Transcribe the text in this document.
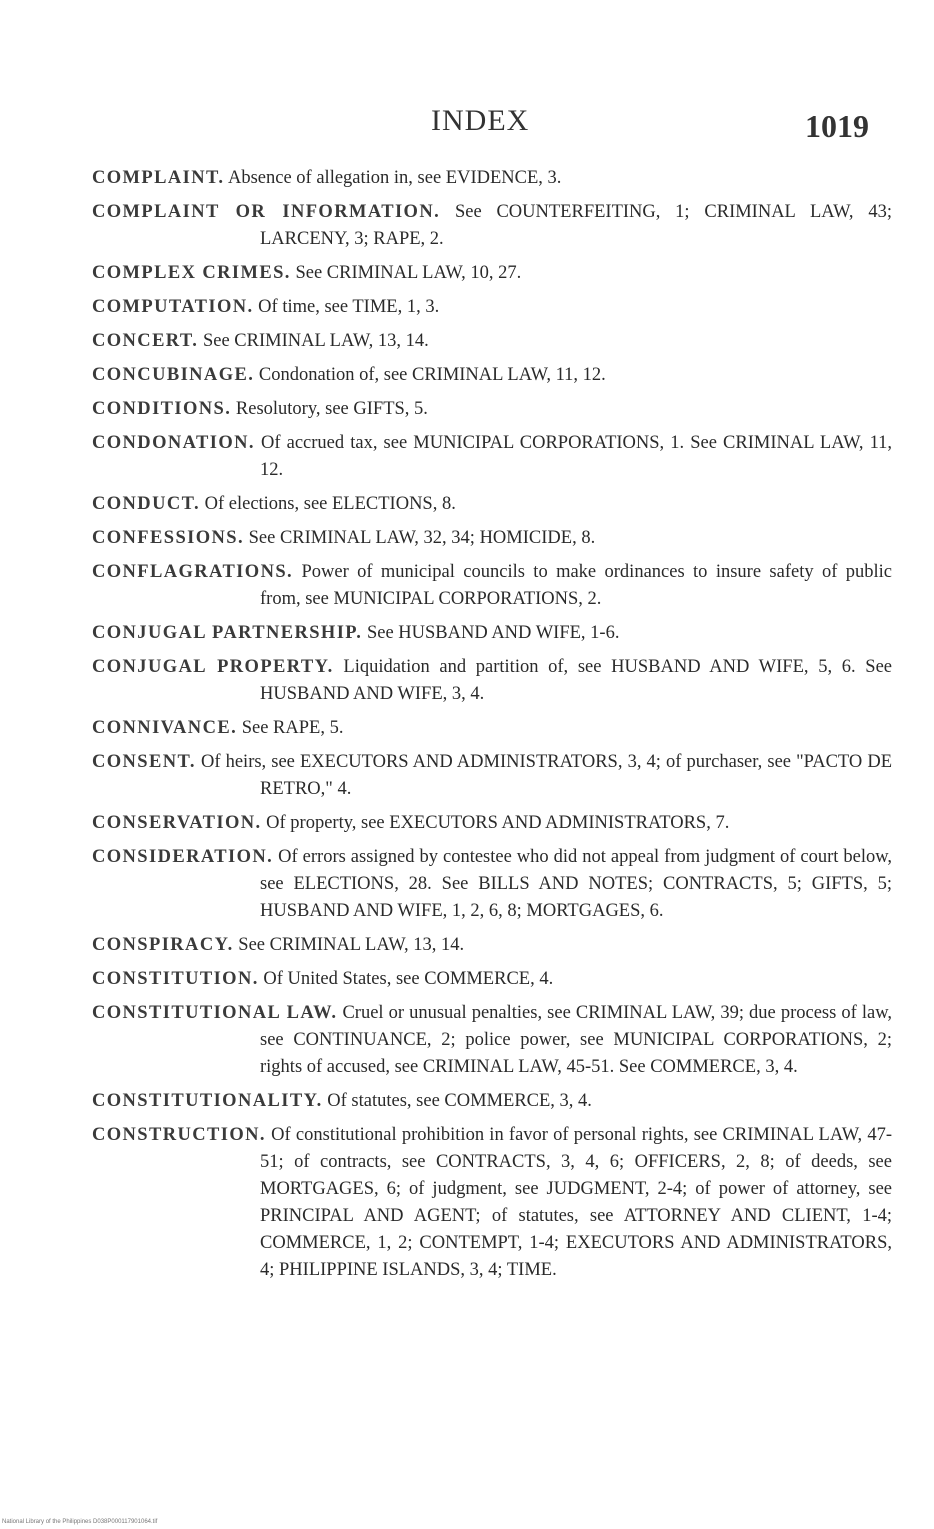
INDEX	1019
COMPLAINT. Absence of allegation in, see EVIDENCE, 3.
COMPLAINT OR INFORMATION. See COUNTERFEITING, 1; CRIMINAL LAW, 43; LARCENY, 3; RAPE, 2.
COMPLEX CRIMES. See CRIMINAL LAW, 10, 27.
COMPUTATION. Of time, see TIME, 1, 3.
CONCERT. See CRIMINAL LAW, 13, 14.
CONCUBINAGE. Condonation of, see CRIMINAL LAW, 11, 12.
CONDITIONS. Resolutory, see GIFTS, 5.
CONDONATION. Of accrued tax, see MUNICIPAL CORPORATIONS, 1. See CRIMINAL LAW, 11, 12.
CONDUCT. Of elections, see ELECTIONS, 8.
CONFESSIONS. See CRIMINAL LAW, 32, 34; HOMICIDE, 8.
CONFLAGRATIONS. Power of municipal councils to make ordinances to insure safety of public from, see MUNICIPAL CORPORATIONS, 2.
CONJUGAL PARTNERSHIP. See HUSBAND AND WIFE, 1-6.
CONJUGAL PROPERTY. Liquidation and partition of, see HUSBAND AND WIFE, 5, 6. See HUSBAND AND WIFE, 3, 4.
CONNIVANCE. See RAPE, 5.
CONSENT. Of heirs, see EXECUTORS AND ADMINISTRATORS, 3, 4; of purchaser, see "PACTO DE RETRO," 4.
CONSERVATION. Of property, see EXECUTORS AND ADMINISTRATORS, 7.
CONSIDERATION. Of errors assigned by contestee who did not appeal from judgment of court below, see ELECTIONS, 28. See BILLS AND NOTES; CONTRACTS, 5; GIFTS, 5; HUSBAND AND WIFE, 1, 2, 6, 8; MORTGAGES, 6.
CONSPIRACY. See CRIMINAL LAW, 13, 14.
CONSTITUTION. Of United States, see COMMERCE, 4.
CONSTITUTIONAL LAW. Cruel or unusual penalties, see CRIMINAL LAW, 39; due process of law, see CONTINUANCE, 2; police power, see MUNICIPAL CORPORATIONS, 2; rights of accused, see CRIMINAL LAW, 45-51. See COMMERCE, 3, 4.
CONSTITUTIONALITY. Of statutes, see COMMERCE, 3, 4.
CONSTRUCTION. Of constitutional prohibition in favor of personal rights, see CRIMINAL LAW, 47-51; of contracts, see CONTRACTS, 3, 4, 6; OFFICERS, 2, 8; of deeds, see MORTGAGES, 6; of judgment, see JUDGMENT, 2-4; of power of attorney, see PRINCIPAL AND AGENT; of statutes, see ATTORNEY AND CLIENT, 1-4; COMMERCE, 1, 2; CONTEMPT, 1-4; EXECUTORS AND ADMINISTRATORS, 4; PHILIPPINE ISLANDS, 3, 4; TIME.
National Library of the Philippines D038P000117901064.tif
